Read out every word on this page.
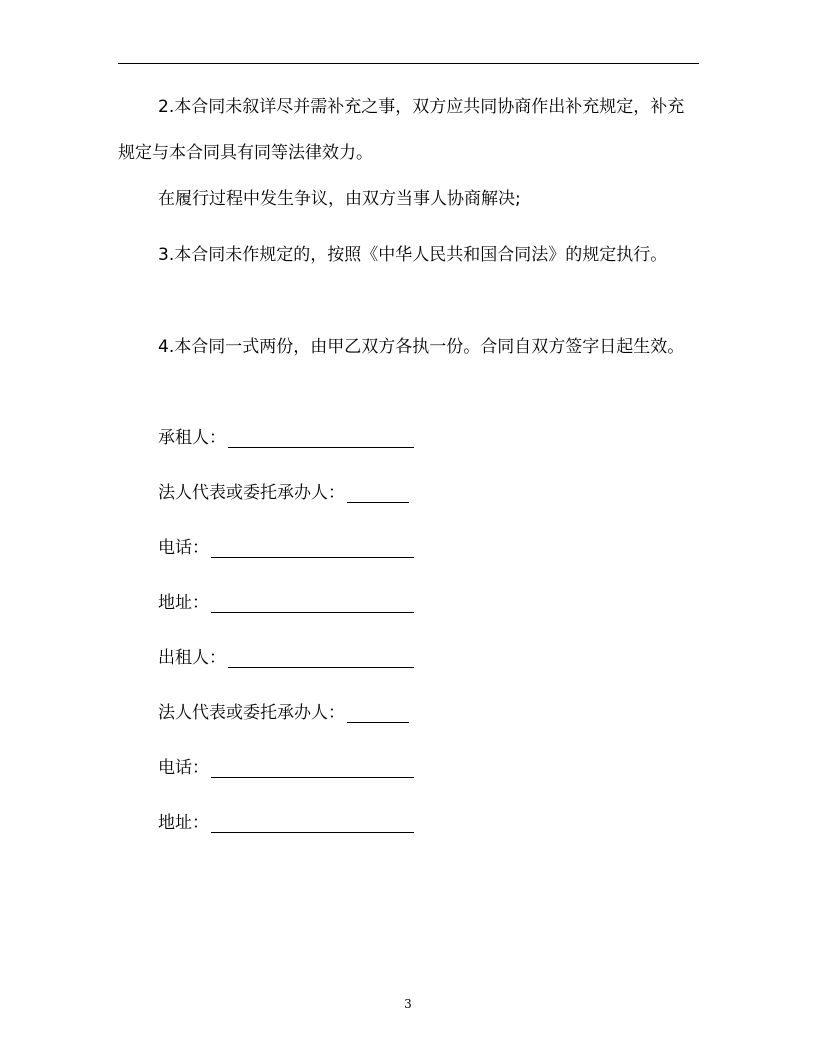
2.本合同未叙详尽并需补充之事，双方应共同协商作出补充规定，补充规定与本合同具有同等法律效力。

在履行过程中发生争议，由双方当事人协商解决;

3.本合同未作规定的，按照《中华人民共和国合同法》的规定执行。

4.本合同一式两份，由甲乙双方各执一份。合同自双方签字日起生效。

承租人：
法人代表或委托承办人：
电话：
地址：
出租人：
法人代表或委托承办人：
电话：
地址：
3
